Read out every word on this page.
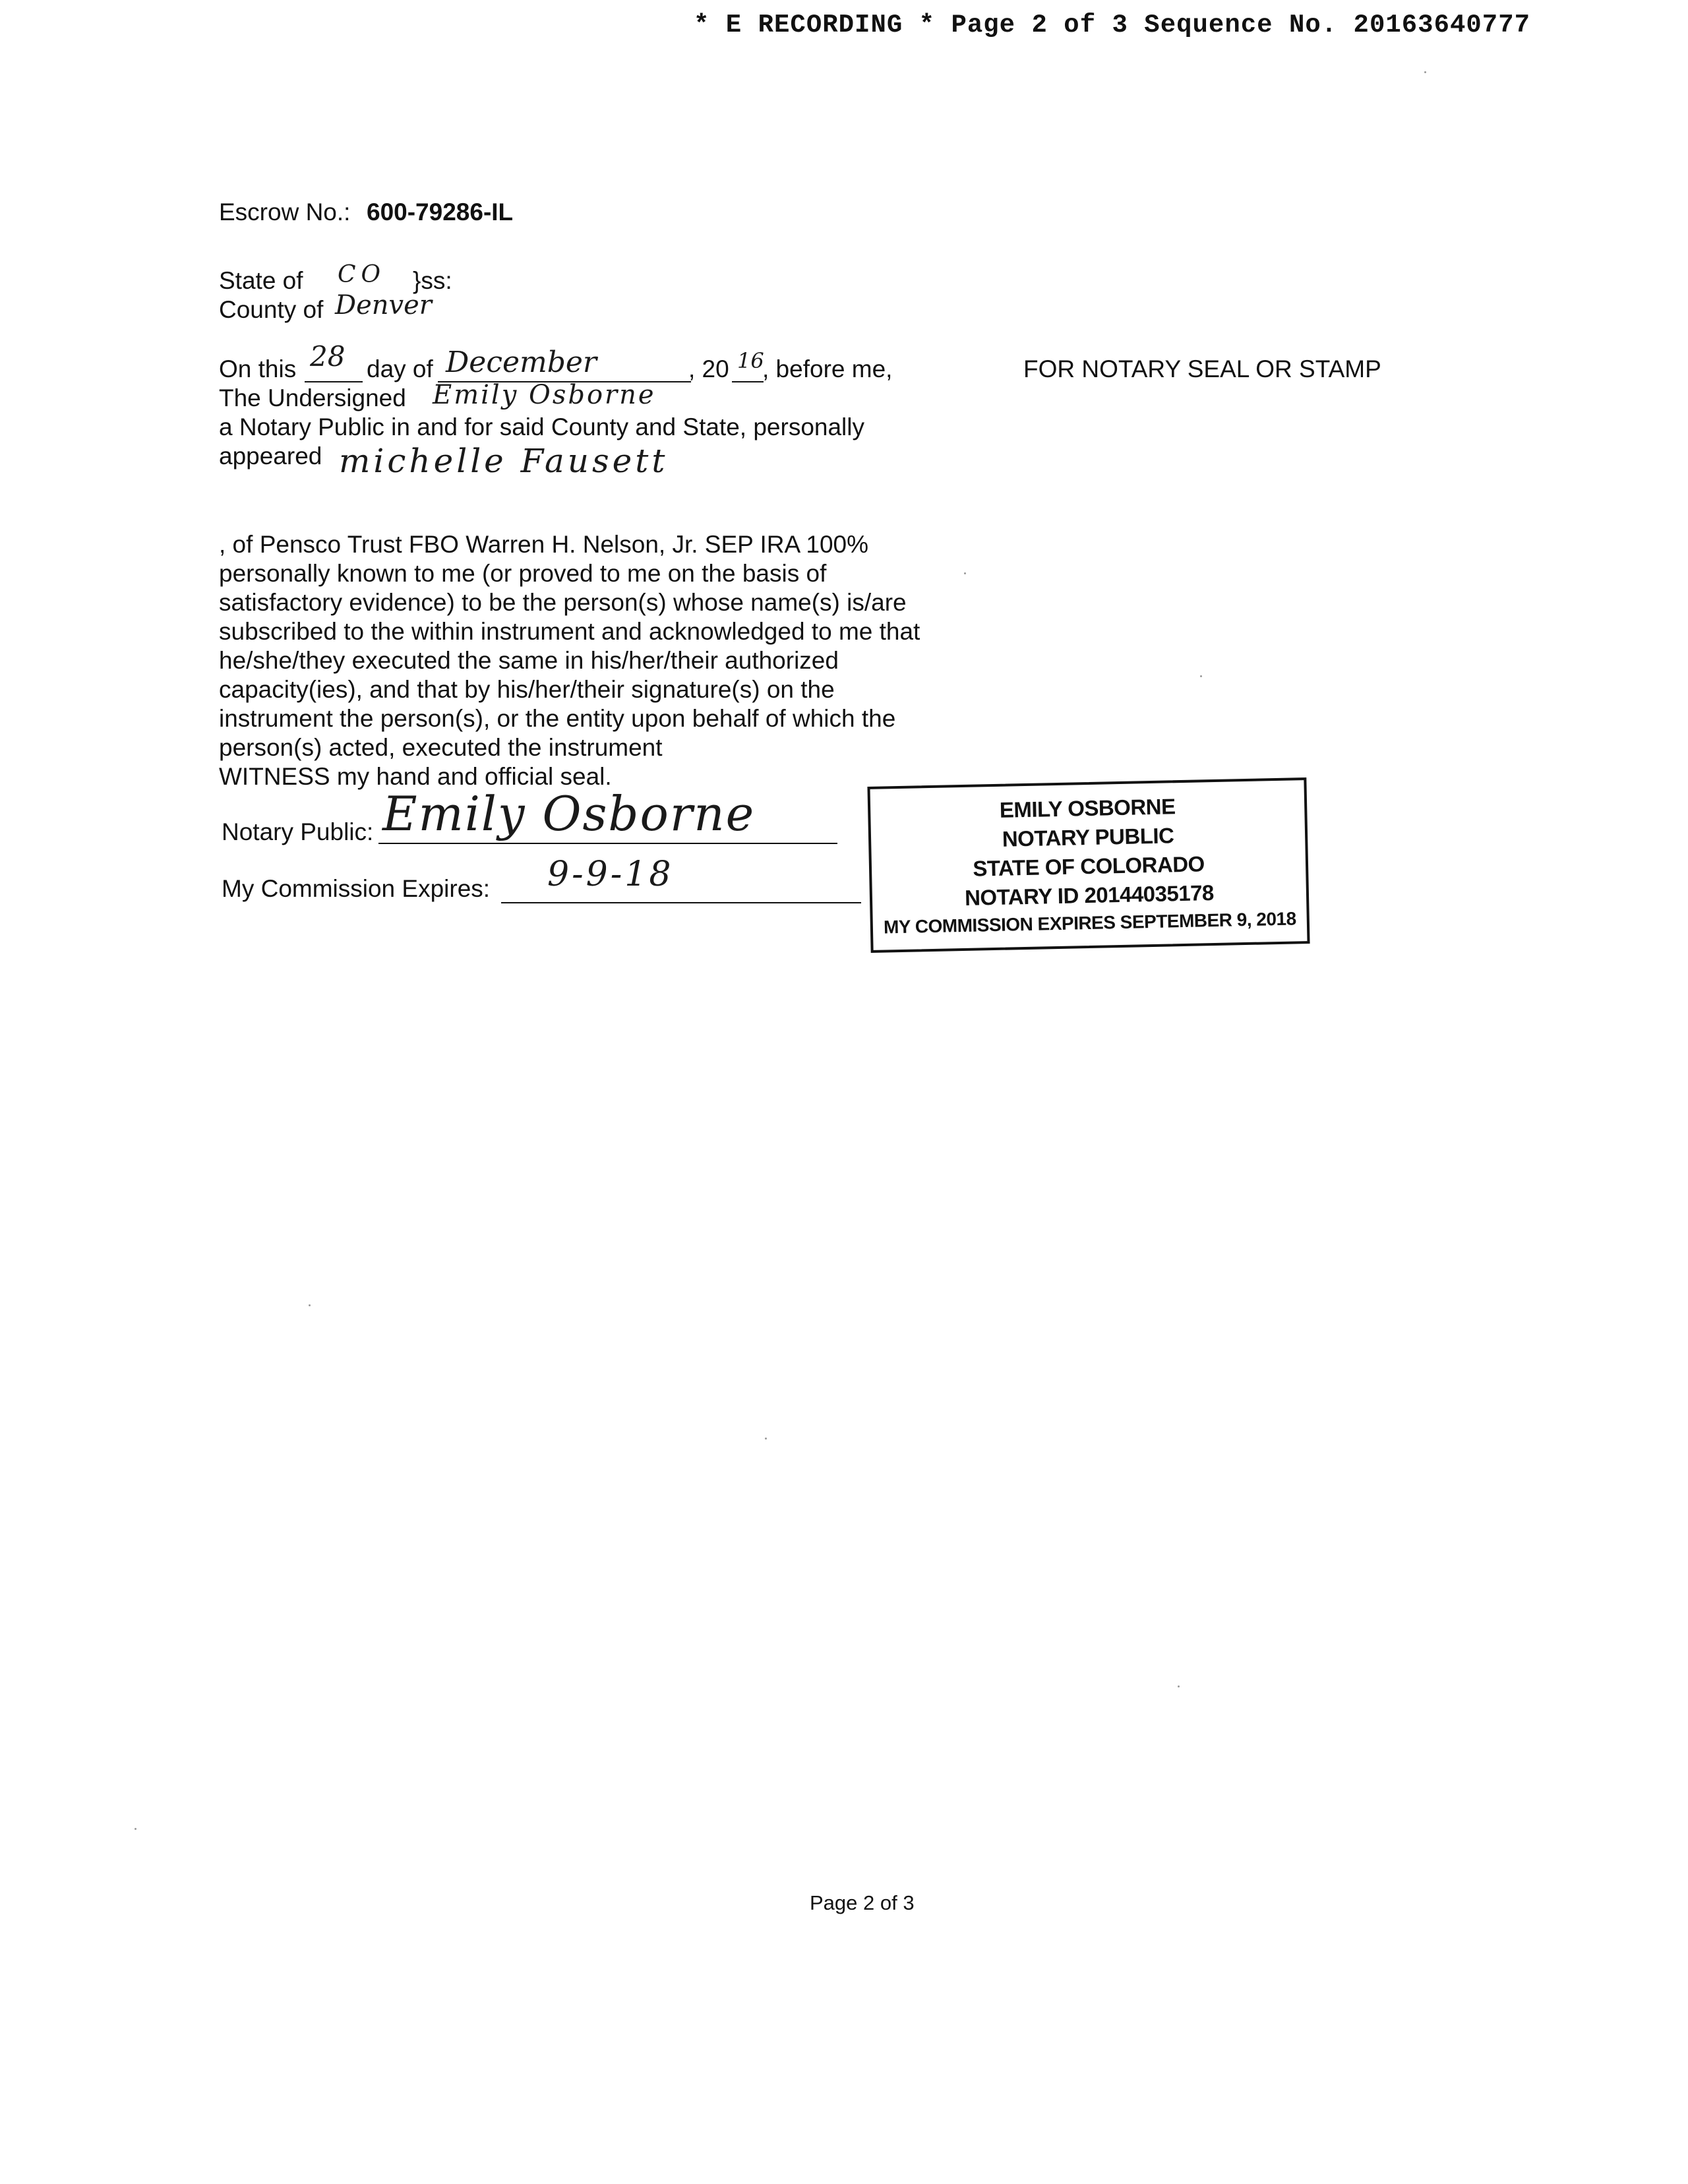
* E RECORDING * Page 2 of 3 Sequence No. 20163640777
Escrow No.: 600-79286-IL
State of CO }ss:
County of Denver
On this 28 day of December	, 20 16
, before me,	FOR NOTARY SEAL OR STAMP
The Undersigned Emily Osborne
a Notary Public in and for said County and State, personally
appeared michelle Fausett
, of Pensco Trust FBO Warren H. Nelson, Jr. SEP IRA 100%
personally known to me (or proved to me on the basis of
satisfactory evidence) to be the person(s) whose name(s) is/are
subscribed to the within instrument and acknowledged to me that
he/she/they executed the same in his/her/their authorized
capacity(ies), and that by his/her/their signature(s) on the
instrument the person(s), or the entity upon behalf of which the
person(s) acted, executed the instrument
WITNESS my hand and official seal.
Notary Public: Emily Osborne
My Commission Expires: 9-9-18
EMILY OSBORNE
NOTARY PUBLIC
STATE OF COLORADO
NOTARY ID 20144035178
MY COMMISSION EXPIRES SEPTEMBER 9, 2018
Page 2 of 3
